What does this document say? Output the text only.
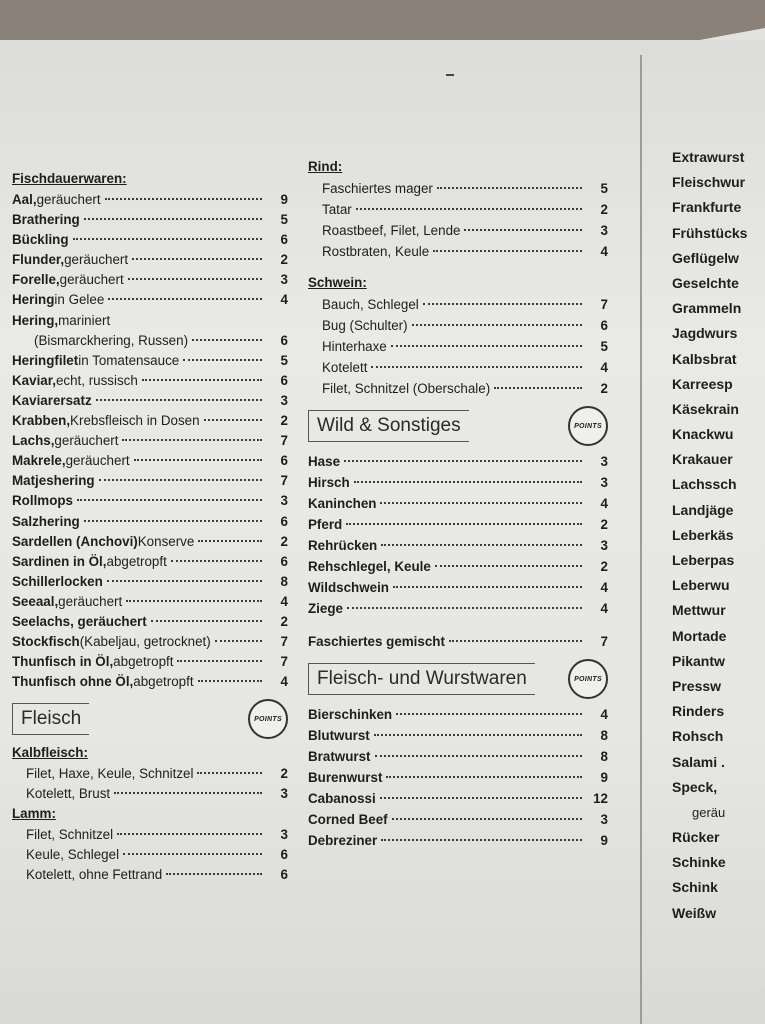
Fischdauerwaren:
Aal, geräuchert	9
Brathering	5
Bückling	6
Flunder, geräuchert	2
Forelle, geräuchert	3
Hering in Gelee	4
Hering, mariniert
(Bismarckhering, Russen)	6
Heringfilet in Tomatensauce	5
Kaviar, echt, russisch	6
Kaviarersatz	3
Krabben, Krebsfleisch in Dosen	2
Lachs, geräuchert	7
Makrele, geräuchert	6
Matjeshering	7
Rollmops	3
Salzhering	6
Sardellen (Anchovi) Konserve	2
Sardinen in Öl, abgetropft	6
Schillerlocken	8
Seeaal, geräuchert	4
Seelachs, geräuchert	2
Stockfisch (Kabeljau, getrocknet)	7
Thunfisch in Öl, abgetropft	7
Thunfisch ohne Öl, abgetropft	4
Fleisch	POINTS
Kalbfleisch:
Filet, Haxe, Keule, Schnitzel	2
Kotelett, Brust	3
Lamm:
Filet, Schnitzel	3
Keule, Schlegel	6
Kotelett, ohne Fettrand	6
Rind:
Faschiertes mager	5
Tatar	2
Roastbeef, Filet, Lende	3
Rostbraten, Keule	4
Schwein:
Bauch, Schlegel	7
Bug (Schulter)	6
Hinterhaxe	5
Kotelett	4
Filet, Schnitzel (Oberschale)	2
Wild & Sonstiges	POINTS
Hase	3
Hirsch	3
Kaninchen	4
Pferd	2
Rehrücken	3
Rehschlegel, Keule	2
Wildschwein	4
Ziege	4
Faschiertes gemischt	7
Fleisch- und Wurstwaren	POINTS
Bierschinken	4
Blutwurst	8
Bratwurst	8
Burenwurst	9
Cabanossi	12
Corned Beef	3
Debreziner	9
Extrawurst
Fleischwur
Frankfurte
Frühstücks
Geflügelw
Geselchte
Grammeln
Jagdwurs
Kalbsbrat
Karreesp
Käsekrain
Knackwu
Krakauer
Lachssch
Landjäge
Leberkäs
Leberpas
Leberwu
Mettwur
Mortade
Pikantw
Pressw
Rinders
Rohsch
Salami .
Speck,
geräu
Rücker
Schinke
Schink
Weißw
